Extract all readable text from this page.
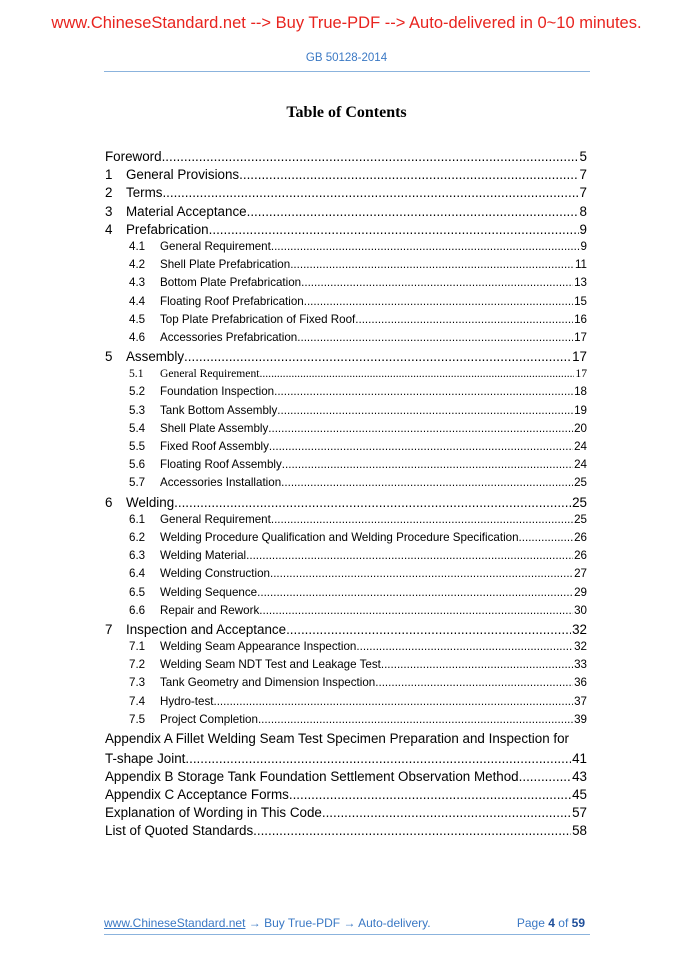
www.ChineseStandard.net --> Buy True-PDF --> Auto-delivered in 0~10 minutes.
GB 50128-2014
Table of Contents
Foreword .....	5
1	General Provisions .....	7
2	Terms .....	7
3	Material Acceptance .....	8
4	Prefabrication .....	9
4.1	General Requirement .....	9
4.2	Shell Plate Prefabrication .....	11
4.3	Bottom Plate Prefabrication .....	13
4.4	Floating Roof Prefabrication .....	15
4.5	Top Plate Prefabrication of Fixed Roof .....	16
4.6	Accessories Prefabrication .....	17
5	Assembly .....	17
5.1	General Requirement .....	17
5.2	Foundation Inspection .....	18
5.3	Tank Bottom Assembly .....	19
5.4	Shell Plate Assembly .....	20
5.5	Fixed Roof Assembly .....	24
5.6	Floating Roof Assembly .....	24
5.7	Accessories Installation .....	25
6	Welding .....	25
6.1	General Requirement .....	25
6.2	Welding Procedure Qualification and Welding Procedure Specification .....	26
6.3	Welding Material .....	26
6.4	Welding Construction .....	27
6.5	Welding Sequence .....	29
6.6	Repair and Rework .....	30
7	Inspection and Acceptance .....	32
7.1	Welding Seam Appearance Inspection .....	32
7.2	Welding Seam NDT Test and Leakage Test .....	33
7.3	Tank Geometry and Dimension Inspection .....	36
7.4	Hydro-test .....	37
7.5	Project Completion .....	39
Appendix A Fillet Welding Seam Test Specimen Preparation and Inspection for
T-shape Joint .....	41
Appendix B Storage Tank Foundation Settlement Observation Method .....	43
Appendix C Acceptance Forms .....	45
Explanation of Wording in This Code .....	57
List of Quoted Standards .....	58
www.ChineseStandard.net → Buy True-PDF → Auto-delivery.	Page 4 of 59
